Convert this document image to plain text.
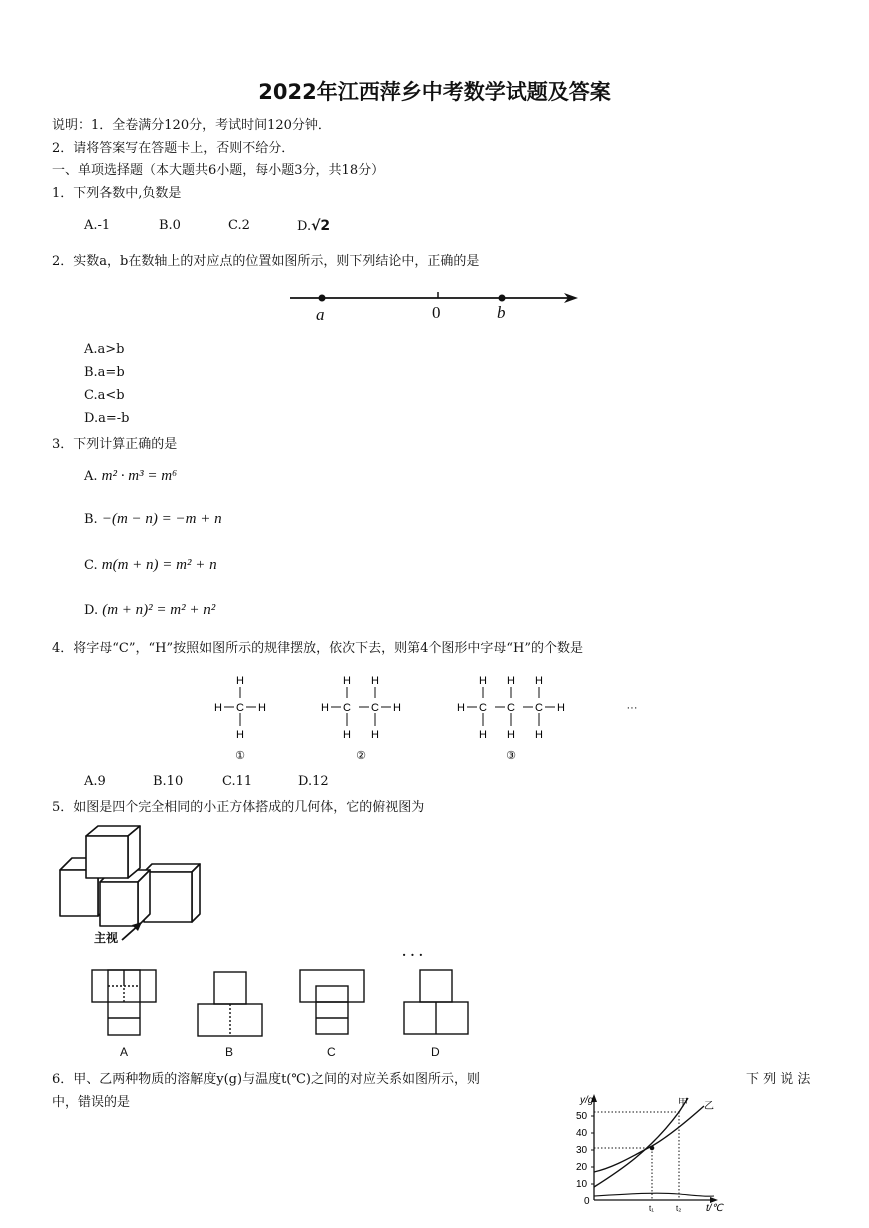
2022年江西萍乡中考数学试题及答案
说明：1．全卷满分120分，考试时间120分钟．
2．请将答案写在答题卡上，否则不给分．
一、单项选择题（本大题共6小题，每小题3分，共18分）
1．下列各数中,负数是
A.-1	B.0	C.2	D.√2
2．实数a，b在数轴上的对应点的位置如图所示，则下列结论中，正确的是
a	0	b
A.a>b
B.a=b
C.a<b
D.a=-b
3．下列计算正确的是
A. m² · m³ = m⁶
B. −(m − n) = −m + n
C. m(m + n) = m² + n
D. (m + n)² = m² + n²
4．将字母“C”，“H”按照如图所示的规律摆放，依次下去，则第4个图形中字母“H”的个数是
H C
H
H
H
①
H C
H
H
C
H
H
H
②
H C
H
H
C
H
H
C
H
H
H
③
···
A.9	B.10	C.11	D.12
5．如图是四个完全相同的小正方体搭成的几何体，它的俯视图为
主视
· · ·
A	B	C	D
6．甲、乙两种物质的溶解度y(g)与温度t(℃)之间的对应关系如图所示，则	下 列 说 法
中，错误的是	y/g
50
40
30
20
10
0
t₁	t₂ t/℃
甲 乙
